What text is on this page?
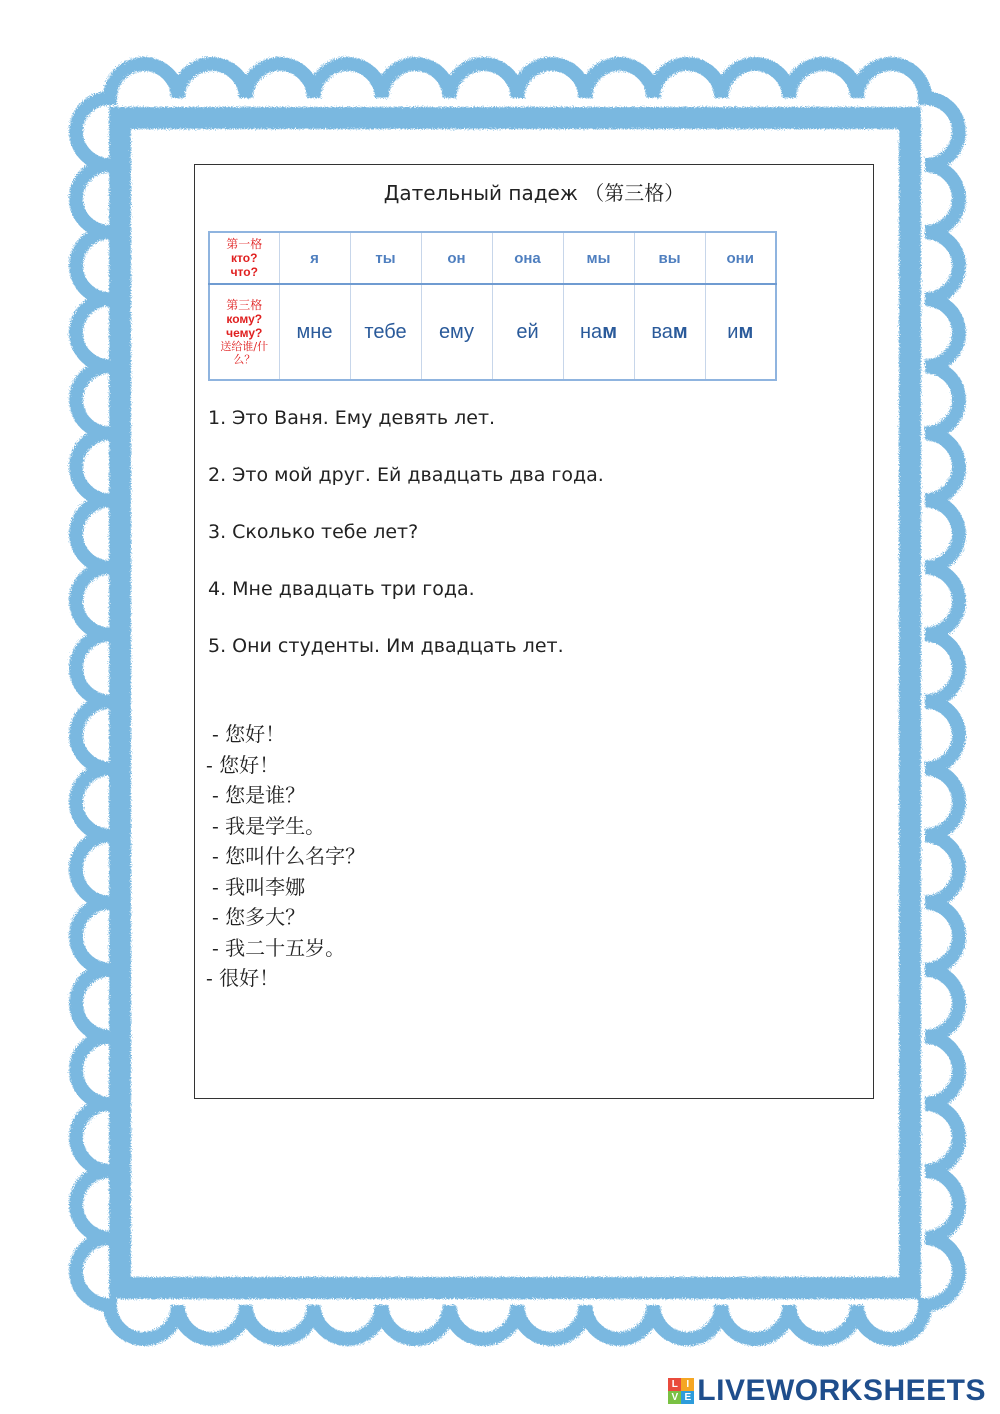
Дательный падеж （第三格）
第一格
кто?
что?	я	ты	он	она	мы	вы	они
第三格
кому?
чему?
送给谁/什么？	мне	тебе	ему	ей	нам	вам	им
1. Это Ваня. Ему девять лет.
2. Это мой друг. Ей двадцать два года.
3. Сколько тебе лет?
4. Мне двадцать три года.
5. Они студенты. Им двадцать лет.
- 您好！
- 您好！
- 您是谁？
- 我是学生。
- 您叫什么名字？
- 我叫李娜
- 您多大？
- 我二十五岁。
- 很好！
L I
V E LIVEWORKSHEETS
